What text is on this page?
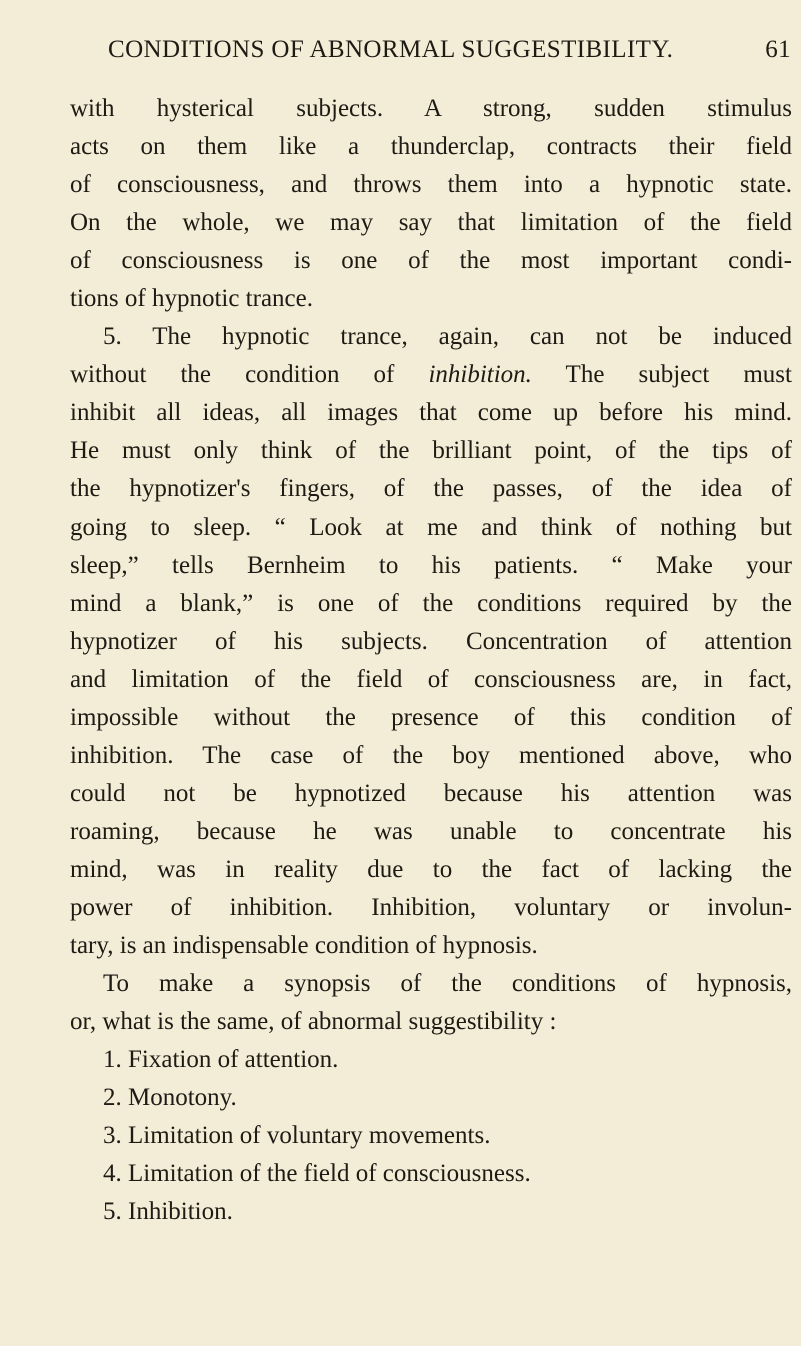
CONDITIONS OF ABNORMAL SUGGESTIBILITY.	61
with hysterical subjects. A strong, sudden stimulus
acts on them like a thunderclap, contracts their field
of consciousness, and throws them into a hypnotic state.
On the whole, we may say that limitation of the field
of consciousness is one of the most important condi-
tions of hypnotic trance.
5. The hypnotic trance, again, can not be induced
without the condition of inhibition. The subject must
inhibit all ideas, all images that come up before his mind.
He must only think of the brilliant point, of the tips of
the hypnotizer's fingers, of the passes, of the idea of
going to sleep. “ Look at me and think of nothing but
sleep,” tells Bernheim to his patients. “ Make your
mind a blank,” is one of the conditions required by the
hypnotizer of his subjects. Concentration of attention
and limitation of the field of consciousness are, in fact,
impossible without the presence of this condition of
inhibition. The case of the boy mentioned above, who
could not be hypnotized because his attention was
roaming, because he was unable to concentrate his
mind, was in reality due to the fact of lacking the
power of inhibition. Inhibition, voluntary or involun-
tary, is an indispensable condition of hypnosis.
To make a synopsis of the conditions of hypnosis,
or, what is the same, of abnormal suggestibility :
1. Fixation of attention.
2. Monotony.
3. Limitation of voluntary movements.
4. Limitation of the field of consciousness.
5. Inhibition.
